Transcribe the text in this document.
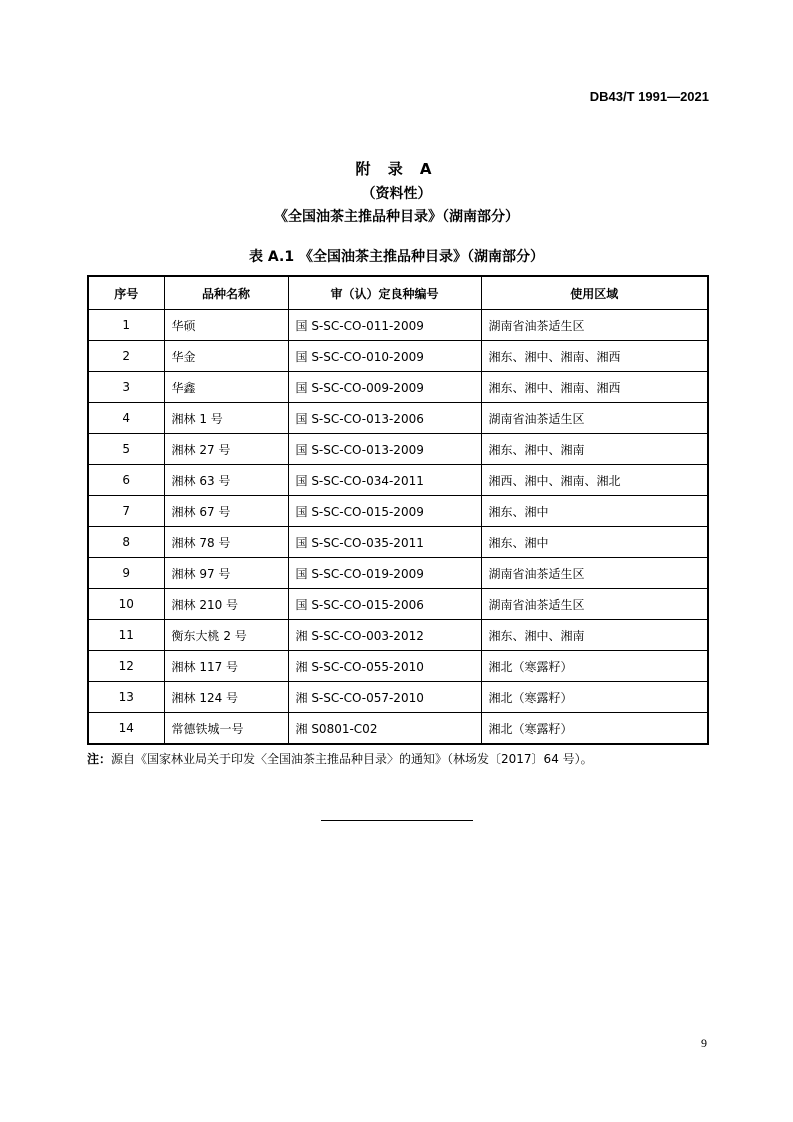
DB43/T 1991—2021
附 录 A
（资料性）
《全国油茶主推品种目录》（湖南部分）
表 A.1 《全国油茶主推品种目录》（湖南部分）
序号	品种名称	审（认）定良种编号	使用区域
1	华硕	国 S-SC-CO-011-2009	湖南省油茶适生区
2	华金	国 S-SC-CO-010-2009	湘东、湘中、湘南、湘西
3	华鑫	国 S-SC-CO-009-2009	湘东、湘中、湘南、湘西
4	湘林 1 号	国 S-SC-CO-013-2006	湖南省油茶适生区
5	湘林 27 号	国 S-SC-CO-013-2009	湘东、湘中、湘南
6	湘林 63 号	国 S-SC-CO-034-2011	湘西、湘中、湘南、湘北
7	湘林 67 号	国 S-SC-CO-015-2009	湘东、湘中
8	湘林 78 号	国 S-SC-CO-035-2011	湘东、湘中
9	湘林 97 号	国 S-SC-CO-019-2009	湖南省油茶适生区
10	湘林 210 号	国 S-SC-CO-015-2006	湖南省油茶适生区
11	衡东大桃 2 号	湘 S-SC-CO-003-2012	湘东、湘中、湘南
12	湘林 117 号	湘 S-SC-CO-055-2010	湘北（寒露籽）
13	湘林 124 号	湘 S-SC-CO-057-2010	湘北（寒露籽）
14	常德铁城一号	湘 S0801-C02	湘北（寒露籽）
注：源自《国家林业局关于印发〈全国油茶主推品种目录〉的通知》（林场发〔2017〕64 号）。
9
